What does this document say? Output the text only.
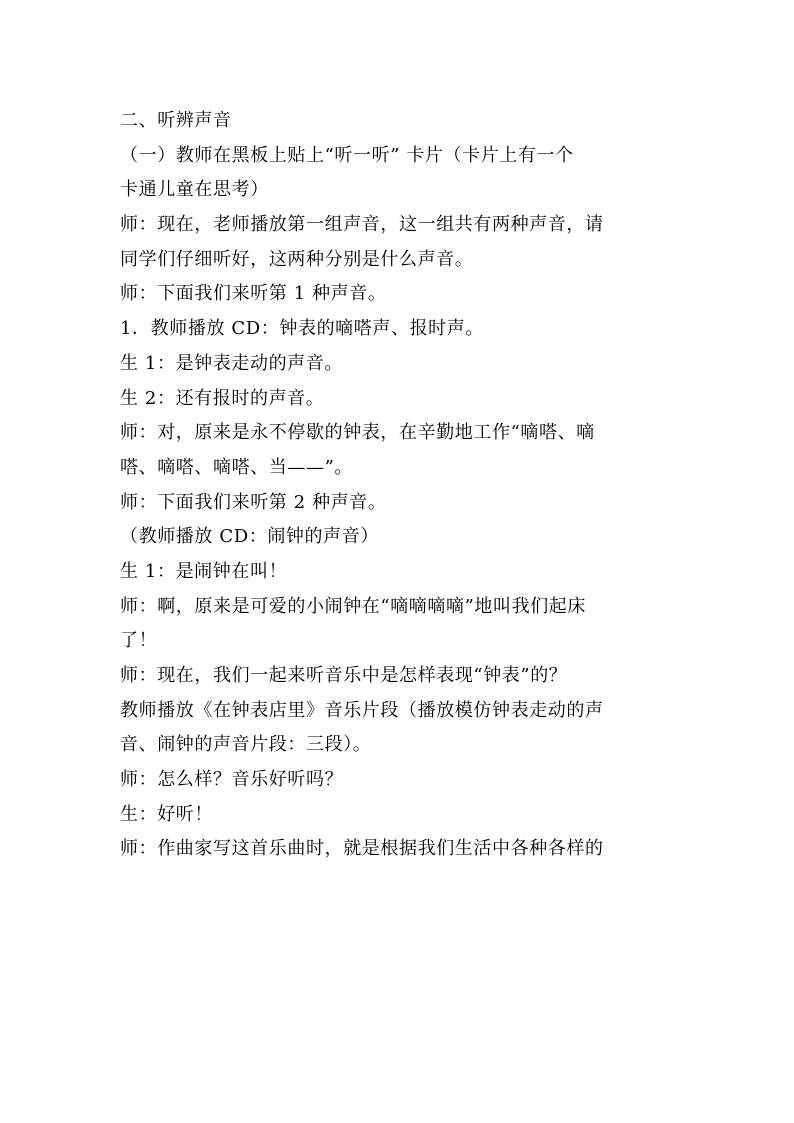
二、听辨声音
（一）教师在黑板上贴上“听一听” 卡片（卡片上有一个
卡通儿童在思考）
师：现在，老师播放第一组声音，这一组共有两种声音，请
同学们仔细听好，这两种分别是什么声音。
师：下面我们来听第 1 种声音。
1．教师播放 CD：钟表的嘀嗒声、报时声。
生 1：是钟表走动的声音。
生 2：还有报时的声音。
师：对，原来是永不停歇的钟表，在辛勤地工作“嘀嗒、嘀
嗒、嘀嗒、嘀嗒、当——”。
师：下面我们来听第 2 种声音。
（教师播放 CD：闹钟的声音）
生 1：是闹钟在叫！
师：啊，原来是可爱的小闹钟在“嘀嘀嘀嘀”地叫我们起床
了！
师：现在，我们一起来听音乐中是怎样表现“钟表”的？
教师播放《在钟表店里》音乐片段（播放模仿钟表走动的声
音、闹钟的声音片段：三段）。
师：怎么样？音乐好听吗？
生：好听！
师：作曲家写这首乐曲时，就是根据我们生活中各种各样的
